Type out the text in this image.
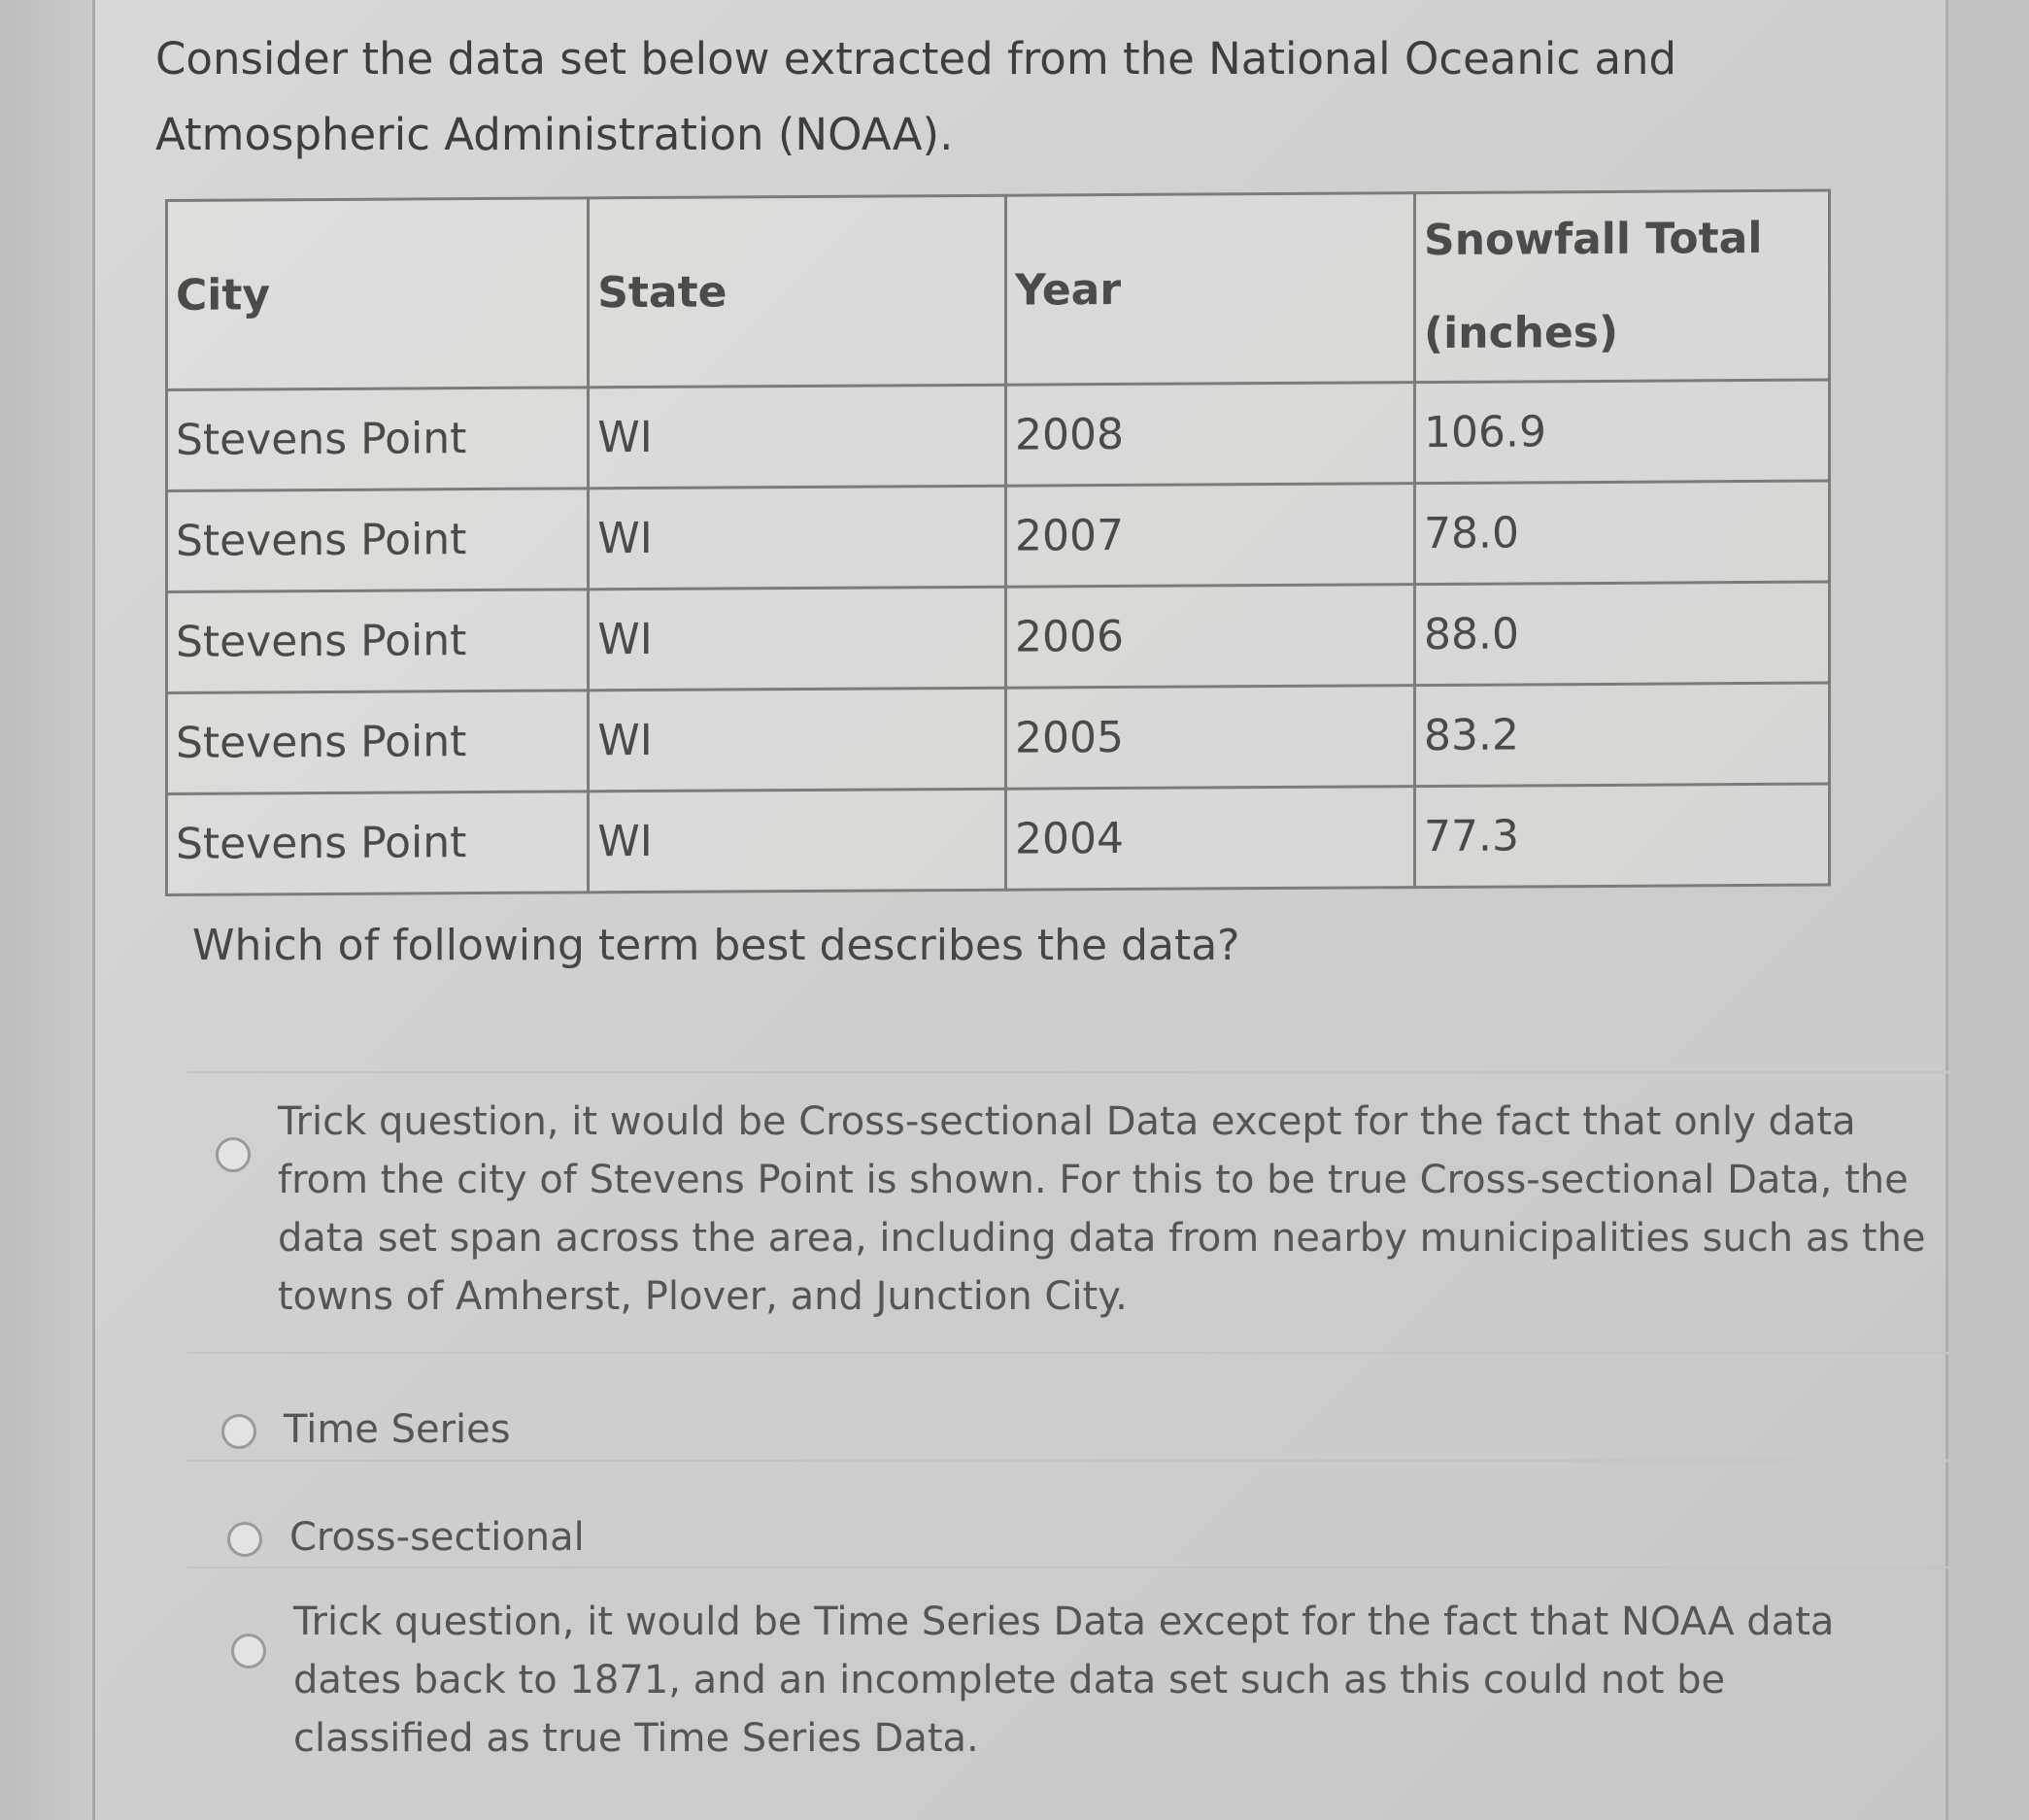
Consider the data set below extracted from the National Oceanic and Atmospheric Administration (NOAA).

City	State	Year	Snowfall Total (inches)
Stevens Point	WI	2008	106.9
Stevens Point	WI	2007	78.0
Stevens Point	WI	2006	88.0
Stevens Point	WI	2005	83.2
Stevens Point	WI	2004	77.3

Which of following term best describes the data?

Trick question, it would be Cross-sectional Data except for the fact that only data from the city of Stevens Point is shown. For this to be true Cross-sectional Data, the data set span across the area, including data from nearby municipalities such as the towns of Amherst, Plover, and Junction City.
Time Series
Cross-sectional
Trick question, it would be Time Series Data except for the fact that NOAA data dates back to 1871, and an incomplete data set such as this could not be classified as true Time Series Data.
